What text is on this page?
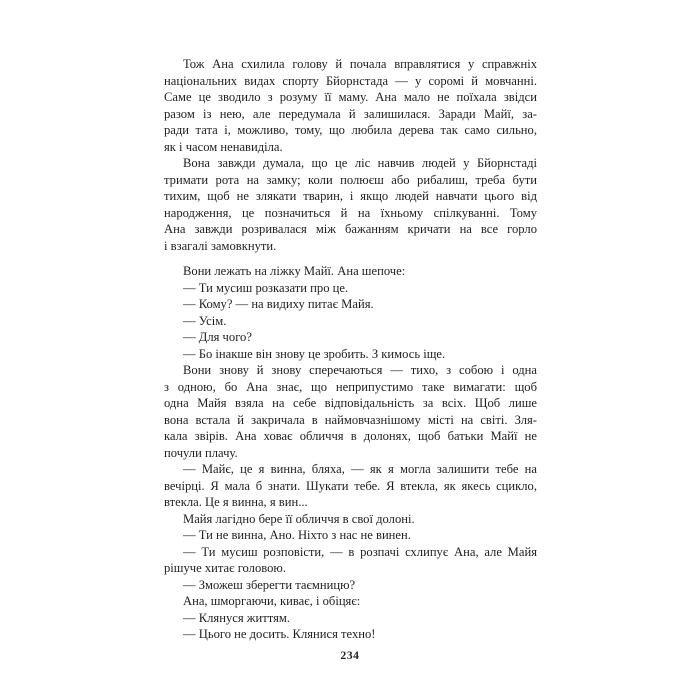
Тож Ана схилила голову й почала вправлятися у справжніх
національних видах спорту Бйорнстада — у соромі й мовчанні.
Саме це зводило з розуму її маму. Ана мало не поїхала звідси
разом із нею, але передумала й залишилася. Заради Майї, за-
ради тата і, можливо, тому, що любила дерева так само сильно,
як і часом ненавиділа.
Вона завжди думала, що це ліс навчив людей у Бйорнстаді
тримати рота на замку; коли полюєш або рибалиш, треба бути
тихим, щоб не злякати тварин, і якщо людей навчати цього від
народження, це позначиться й на їхньому спілкуванні. Тому
Ана завжди розривалася між бажанням кричати на все горло
і взагалі замовкнути.
Вони лежать на ліжку Майї. Ана шепоче:
— Ти мусиш розказати про це.
— Кому? — на видиху питає Майя.
— Усім.
— Для чого?
— Бо інакше він знову це зробить. З кимось іще.
Вони знову й знову сперечаються — тихо, з собою і одна
з одною, бо Ана знає, що неприпустимо таке вимагати: щоб
одна Майя взяла на себе відповідальність за всіх. Щоб лише
вона встала й закричала в наймовчазнішому місті на світі. Зля-
кала звірів. Ана ховає обличчя в долонях, щоб батьки Майї не
почули плачу.
— Майє, це я винна, бляха, — як я могла залишити тебе на
вечірці. Я мала б знати. Шукати тебе. Я втекла, як якесь сцикло,
втекла. Це я винна, я вин...
Майя лагідно бере її обличчя в свої долоні.
— Ти не винна, Ано. Ніхто з нас не винен.
— Ти мусиш розповісти, — в розпачі схлипує Ана, але Майя
рішуче хитає головою.
— Зможеш зберегти таємницю?
Ана, шморгаючи, киває, і обіцяє:
— Клянуся життям.
— Цього не досить. Клянися техно!
234
